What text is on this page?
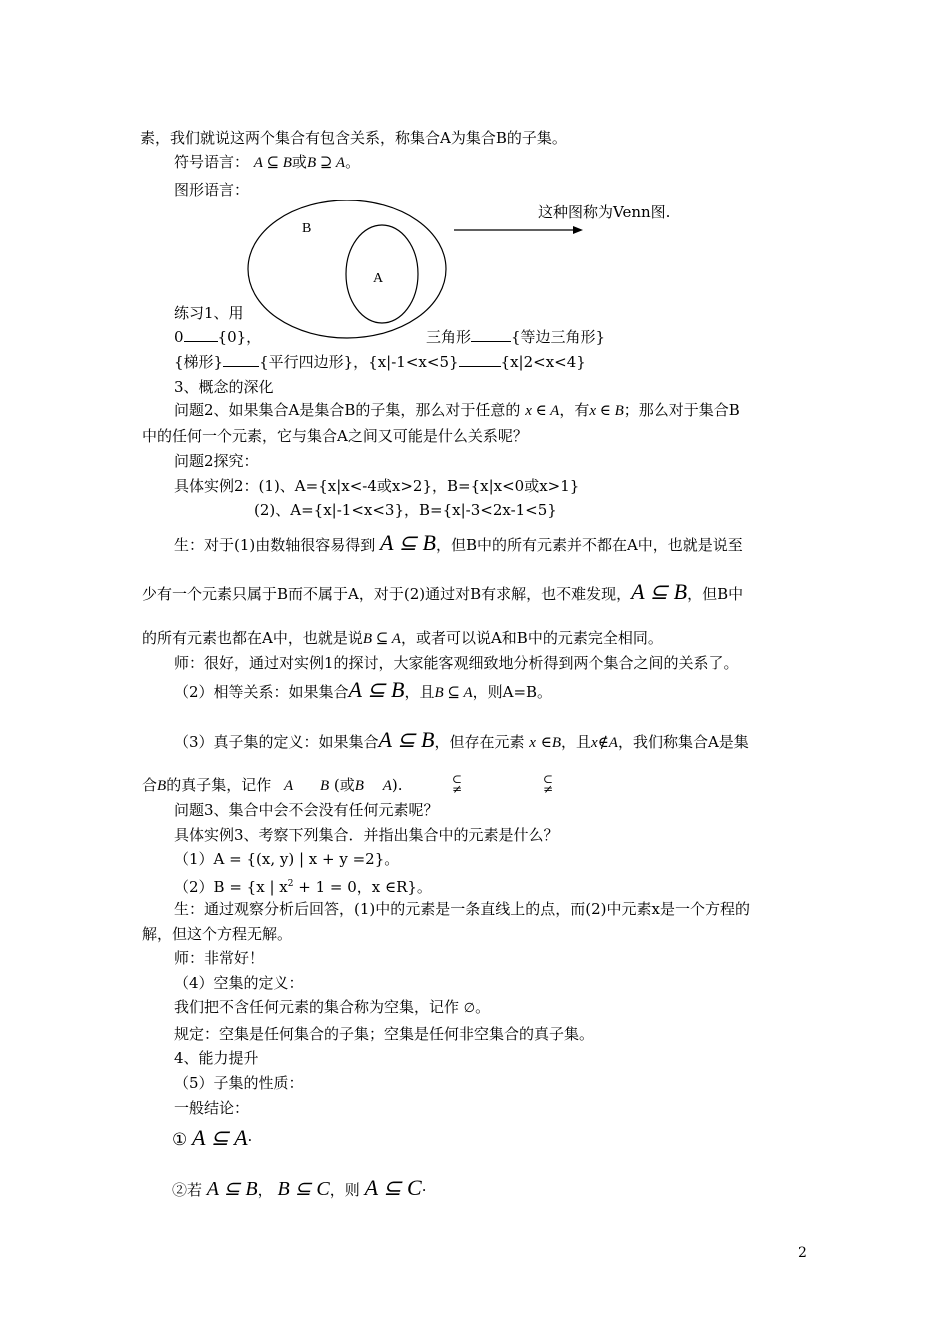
素，我们就说这两个集合有包含关系，称集合A为集合B的子集。
符号语言： A ⊆ B或B ⊇ A。
图形语言：
B
A
这种图称为Venn图.
练习1、用
0 {0}，	三角形	{等边三角形}
{梯形} {平行四边形}，{x|-1<x<5}	{x|2<x<4}
3、概念的深化
问题2、如果集合A是集合B的子集，那么对于任意的 x ∈ A，有x ∈ B；那么对于集合B
中的任何一个元素，它与集合A之间又可能是什么关系呢？
问题2探究：
具体实例2：(1)、A={x|x<-4或x>2}，B={x|x<0或x>1}
(2)、A={x|-1<x<3}，B={x|-3<2x-1<5}
生：对于(1)由数轴很容易得到 A ⊆ B，但B中的所有元素并不都在A中，也就是说至
少有一个元素只属于B而不属于A，对于(2)通过对B有求解，也不难发现，A ⊆ B，但B中
的所有元素也都在A中，也就是说B ⊆ A，或者可以说A和B中的元素完全相同。
师：很好，通过对实例1的探讨，大家能客观细致地分析得到两个集合之间的关系了。
（2）相等关系：如果集合A ⊆ B，且B ⊆ A，则A=B。
（3）真子集的定义：如果集合A ⊆ B，但存在元素 x ∈B，且x∉A，我们称集合A是集
合B的真子集，记作 A B (或B A).	⊂
≠
⊂
≠
问题3、集合中会不会没有任何元素呢？
具体实例3、考察下列集合．并指出集合中的元素是什么？
（1）A = {(x, y) | x + y =2}。
（2）B = {x | $x^2 + 1 = 0$，x ∈R}。
生：通过观察分析后回答，(1)中的元素是一条直线上的点，而(2)中元素x是一个方程的
解，但这个方程无解。
师：非常好！
（4）空集的定义：
我们把不含任何元素的集合称为空集，记作 ∅。
规定：空集是任何集合的子集；空集是任何非空集合的真子集。
4、能力提升
（5）子集的性质：
一般结论：
① A ⊆ A·
②若 A ⊆ B， B ⊆ C，则 A ⊆ C·
2
